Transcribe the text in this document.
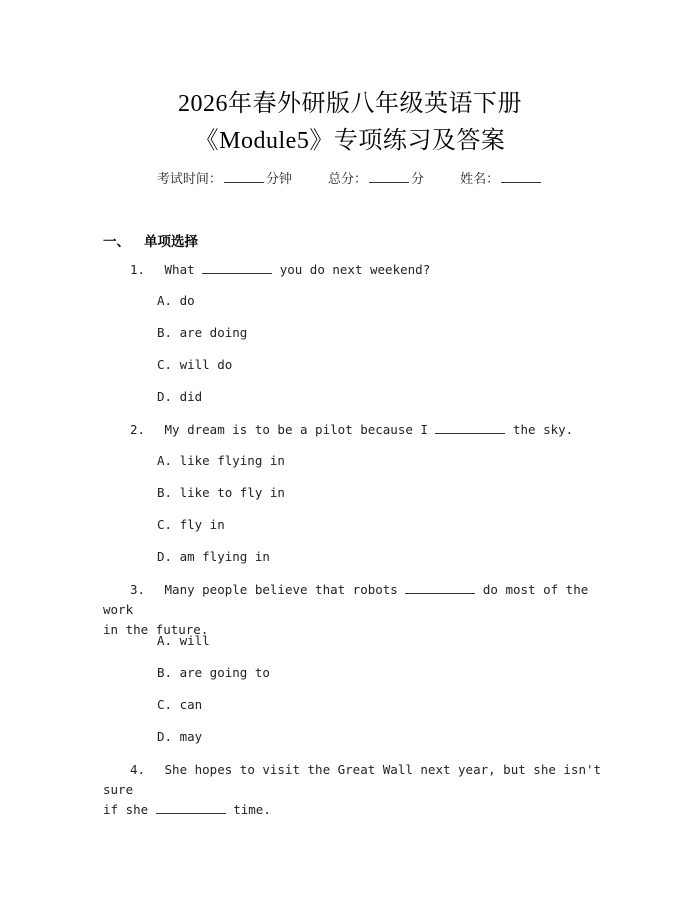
2026年春外研版八年级英语下册
《Module5》专项练习及答案
考试时间：	分钟	总分：	分	姓名：
一、 单项选择
1. What	you do next weekend?
A. do
B. are doing
C. will do
D. did
2. My dream is to be a pilot because I	the sky.
A. like flying in
B. like to fly in
C. fly in
D. am flying in
3. Many people believe that robots	do most of the work
in the future.
A. will
B. are going to
C. can
D. may
4. She hopes to visit the Great Wall next year, but she isn't sure
if she	time.
